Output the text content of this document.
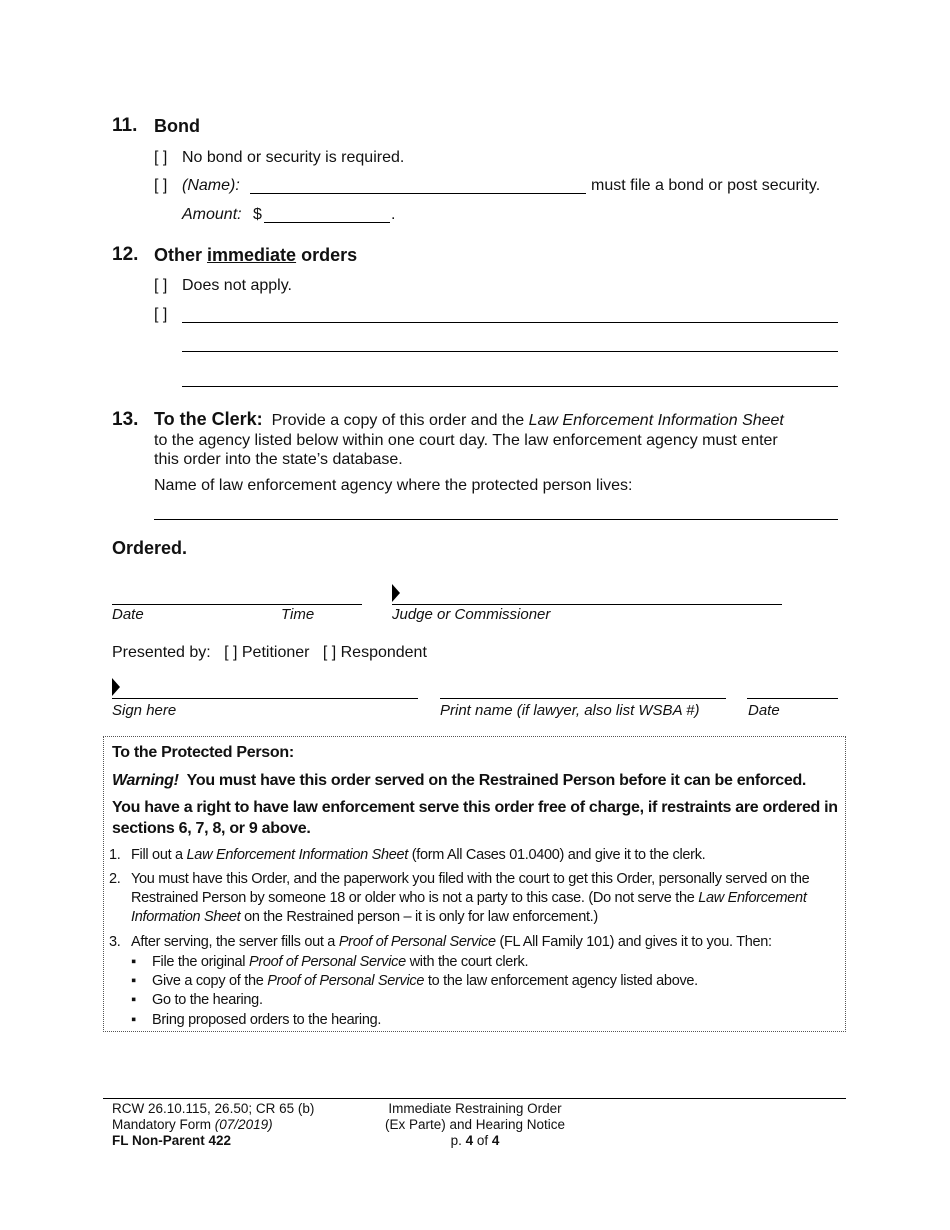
11. Bond
[ ] No bond or security is required.
[ ] (Name):	must file a bond or post security.
Amount: $	.
12. Other immediate orders
[ ] Does not apply.
[ ]
13. To the Clerk: Provide a copy of this order and the Law Enforcement Information Sheet
to the agency listed below within one court day. The law enforcement agency must enter
this order into the state’s database.
Name of law enforcement agency where the protected person lives:
Ordered.
Date	Time	Judge or Commissioner
Presented by: [ ] Petitioner [ ] Respondent
Sign here	Print name (if lawyer, also list WSBA #)	Date
To the Protected Person:
Warning! You must have this order served on the Restrained Person before it can be enforced.
You have a right to have law enforcement serve this order free of charge, if restraints are ordered in
sections 6, 7, 8, or 9 above.
1. Fill out a Law Enforcement Information Sheet (form All Cases 01.0400) and give it to the clerk.
2. You must have this Order, and the paperwork you filed with the court to get this Order, personally served on the
Restrained Person by someone 18 or older who is not a party to this case. (Do not serve the Law Enforcement
Information Sheet on the Restrained person – it is only for law enforcement.)
3. After serving, the server fills out a Proof of Personal Service (FL All Family 101) and gives it to you. Then:
▪ File the original Proof of Personal Service with the court clerk.
▪ Give a copy of the Proof of Personal Service to the law enforcement agency listed above.
▪ Go to the hearing.
▪ Bring proposed orders to the hearing.
RCW 26.10.115, 26.50; CR 65 (b)
Mandatory Form (07/2019)
FL Non-Parent 422
Immediate Restraining Order
(Ex Parte) and Hearing Notice
p. 4 of 4
